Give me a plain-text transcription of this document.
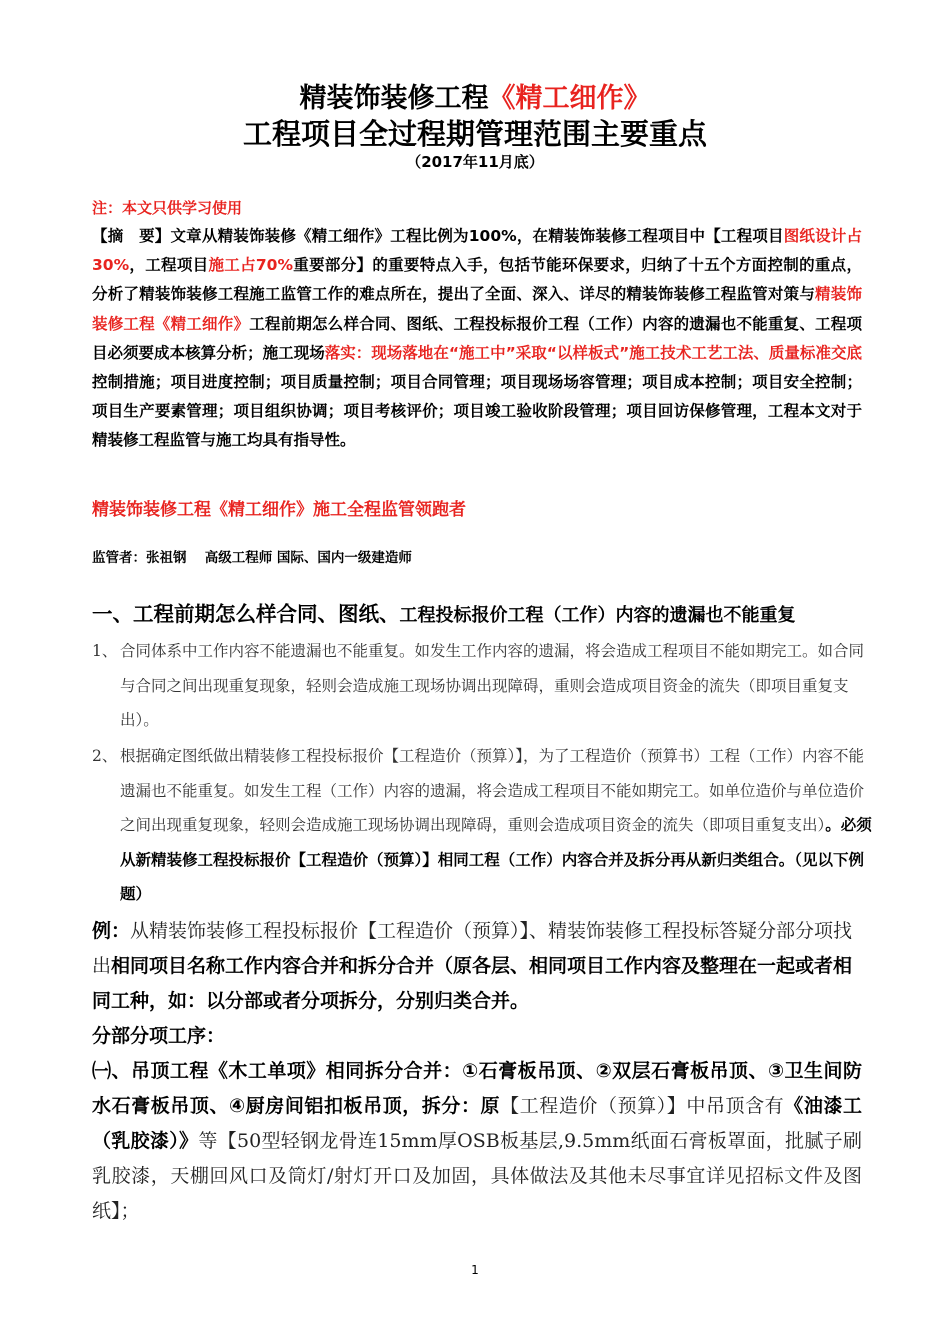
精装饰装修工程《精工细作》
工程项目全过程期管理范围主要重点
（2017年11月底）
注：本文只供学习使用
【摘　要】文章从精装饰装修《精工细作》工程比例为100%，在精装饰装修工程项目中【工程项目图纸设计占30%，工程项目施工占70%重要部分】的重要特点入手，包括节能环保要求，归纳了十五个方面控制的重点，分析了精装饰装修工程施工监管工作的难点所在，提出了全面、深入、详尽的精装饰装修工程监管对策与精装饰装修工程《精工细作》工程前期怎么样合同、图纸、工程投标报价工程（工作）内容的遗漏也不能重复、工程项目必须要成本核算分析；施工现场落实：现场落地在“施工中”采取“以样板式”施工技术工艺工法、质量标准交底控制措施；项目进度控制；项目质量控制；项目合同管理；项目现场场容管理；项目成本控制；项目安全控制；项目生产要素管理；项目组织协调；项目考核评价；项目竣工验收阶段管理；项目回访保修管理，工程本文对于精装修工程监管与施工均具有指导性。
精装饰装修工程《精工细作》施工全程监管领跑者
监管者：张祖钢　 高级工程师 国际、国内一级建造师
一、工程前期怎么样合同、图纸、工程投标报价工程（工作）内容的遗漏也不能重复
1、 合同体系中工作内容不能遗漏也不能重复。如发生工作内容的遗漏，将会造成工程项目不能如期完工。如合同与合同之间出现重复现象，轻则会造成施工现场协调出现障碍，重则会造成项目资金的流失（即项目重复支出）。
2、 根据确定图纸做出精装修工程投标报价【工程造价（预算）】，为了工程造价（预算书）工程（工作）内容不能遗漏也不能重复。如发生工程（工作）内容的遗漏，将会造成工程项目不能如期完工。如单位造价与单位造价之间出现重复现象，轻则会造成施工现场协调出现障碍，重则会造成项目资金的流失（即项目重复支出）。必须从新精装修工程投标报价【工程造价（预算）】相同工程（工作）内容合并及拆分再从新归类组合。（见以下例题）
例：从精装饰装修工程投标报价【工程造价（预算）】、精装饰装修工程投标答疑分部分项找出相同项目名称工作内容合并和拆分合并（原各层、相同项目工作内容及整理在一起或者相同工种，如：以分部或者分项拆分，分别归类合并。
分部分项工序：
㈠、吊顶工程《木工单项》相同拆分合并：①石膏板吊顶、②双层石膏板吊顶、③卫生间防水石膏板吊顶、④厨房间铝扣板吊顶，拆分：原【工程造价（预算）】中吊顶含有《油漆工（乳胶漆）》等【50型轻钢龙骨连15mm厚OSB板基层,9.5mm纸面石膏板罩面，批腻子刷乳胶漆，天棚回风口及筒灯/射灯开口及加固，具体做法及其他未尽事宜详见招标文件及图纸】；
1
